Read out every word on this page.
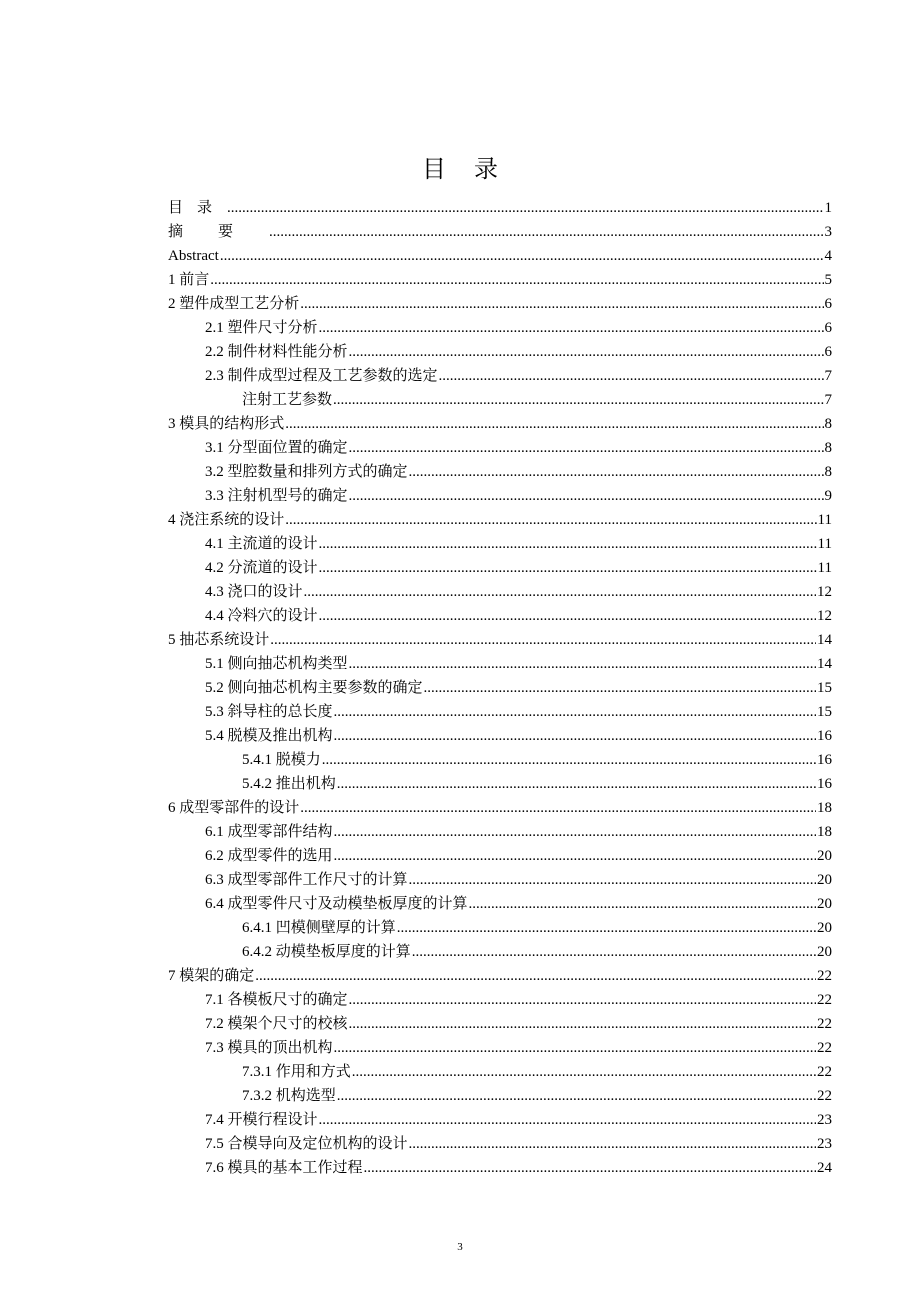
目录
目录 .....	1
摘要 .....	3
Abstract .....	4
1 前言 .....	5
2 塑件成型工艺分析 .....	6
2.1 塑件尺寸分析 .....	6
2.2 制件材料性能分析 .....	6
2.3 制件成型过程及工艺参数的选定 .....	7
注射工艺参数 .....	7
3 模具的结构形式 .....	8
3.1 分型面位置的确定 .....	8
3.2 型腔数量和排列方式的确定 .....	8
3.3 注射机型号的确定 .....	9
4 浇注系统的设计 .....	11
4.1 主流道的设计 .....	11
4.2 分流道的设计 .....	11
4.3 浇口的设计 .....	12
4.4 冷料穴的设计 .....	12
5 抽芯系统设计 .....	14
5.1 侧向抽芯机构类型 .....	14
5.2 侧向抽芯机构主要参数的确定 .....	15
5.3 斜导柱的总长度 .....	15
5.4 脱模及推出机构 .....	16
5.4.1 脱模力 .....	16
5.4.2 推出机构 .....	16
6 成型零部件的设计 .....	18
6.1 成型零部件结构 .....	18
6.2 成型零件的选用 .....	20
6.3 成型零部件工作尺寸的计算 .....	20
6.4 成型零件尺寸及动模垫板厚度的计算 .....	20
6.4.1 凹模侧壁厚的计算 .....	20
6.4.2 动模垫板厚度的计算 .....	20
7 模架的确定 .....	22
7.1 各模板尺寸的确定 .....	22
7.2 模架个尺寸的校核 .....	22
7.3 模具的顶出机构 .....	22
7.3.1 作用和方式 .....	22
7.3.2 机构选型 .....	22
7.4 开模行程设计 .....	23
7.5 合模导向及定位机构的设计 .....	23
7.6 模具的基本工作过程 .....	24
3
